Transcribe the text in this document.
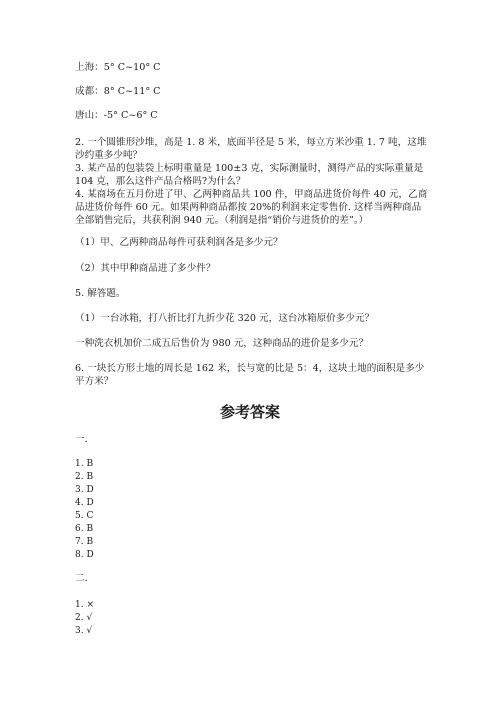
上海：5° C~10° C
成都：8° C~11° C
唐山：-5° C~6° C
2. 一个圆锥形沙堆，高是 1. 8 米，底面半径是 5 米，每立方米沙重 1. 7 吨，这堆沙约重多少吨？
3. 某产品的包装袋上标明重量是 100±3 克，实际测量时，测得产品的实际重量是 104 克，那么这件产品合格吗?为什么？
4. 某商场在五月份进了甲、乙两种商品共 100 件，甲商品进货价每件 40 元，乙商品进货价每件 60 元。如果两种商品都按 20%的利润来定零售价. 这样当两种商品全部销售完后，共获利润 940 元。（利润是指“销价与进货价的差”。）
（1）甲、乙两种商品每件可获利润各是多少元？
（2）其中甲种商品进了多少件？
5. 解答题。
（1）一台冰箱，打八折比打九折少花 320 元，这台冰箱原价多少元？
一种洗衣机加价二成五后售价为 980 元，这种商品的进价是多少元？
6. 一块长方形土地的周长是 162 米，长与宽的比是 5：4，这块土地的面积是多少平方米？
参考答案
一.
1. B
2. B
3. D
4. D
5. C
6. B
7. B
8. D
二.
1. ×
2. √
3. √
